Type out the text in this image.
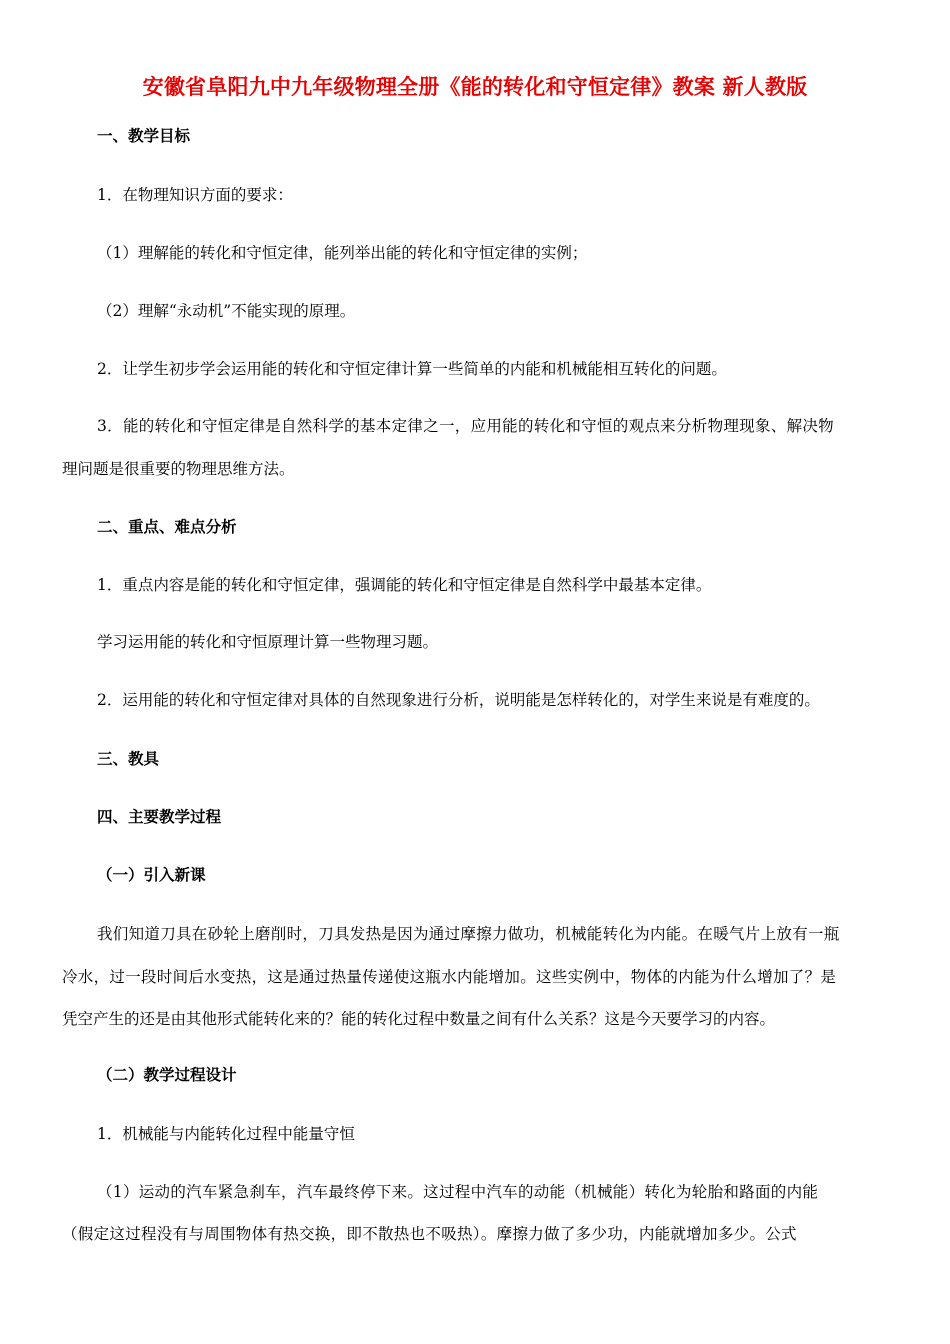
安徽省阜阳九中九年级物理全册《能的转化和守恒定律》教案 新人教版
一、教学目标
1．在物理知识方面的要求：
（1）理解能的转化和守恒定律，能列举出能的转化和守恒定律的实例；
（2）理解“永动机”不能实现的原理。
2．让学生初步学会运用能的转化和守恒定律计算一些简单的内能和机械能相互转化的问题。
3．能的转化和守恒定律是自然科学的基本定律之一，应用能的转化和守恒的观点来分析物理现象、解决物
理问题是很重要的物理思维方法。
二、重点、难点分析
1．重点内容是能的转化和守恒定律，强调能的转化和守恒定律是自然科学中最基本定律。
学习运用能的转化和守恒原理计算一些物理习题。
2．运用能的转化和守恒定律对具体的自然现象进行分析，说明能是怎样转化的，对学生来说是有难度的。
三、教具
四、主要教学过程
（一）引入新课
我们知道刀具在砂轮上磨削时，刀具发热是因为通过摩擦力做功，机械能转化为内能。在暖气片上放有一瓶
冷水，过一段时间后水变热，这是通过热量传递使这瓶水内能增加。这些实例中，物体的内能为什么增加了？是
凭空产生的还是由其他形式能转化来的？能的转化过程中数量之间有什么关系？这是今天要学习的内容。
（二）教学过程设计
1．机械能与内能转化过程中能量守恒
（1）运动的汽车紧急刹车，汽车最终停下来。这过程中汽车的动能（机械能）转化为轮胎和路面的内能
（假定这过程没有与周围物体有热交换，即不散热也不吸热）。摩擦力做了多少功，内能就增加多少。公式
